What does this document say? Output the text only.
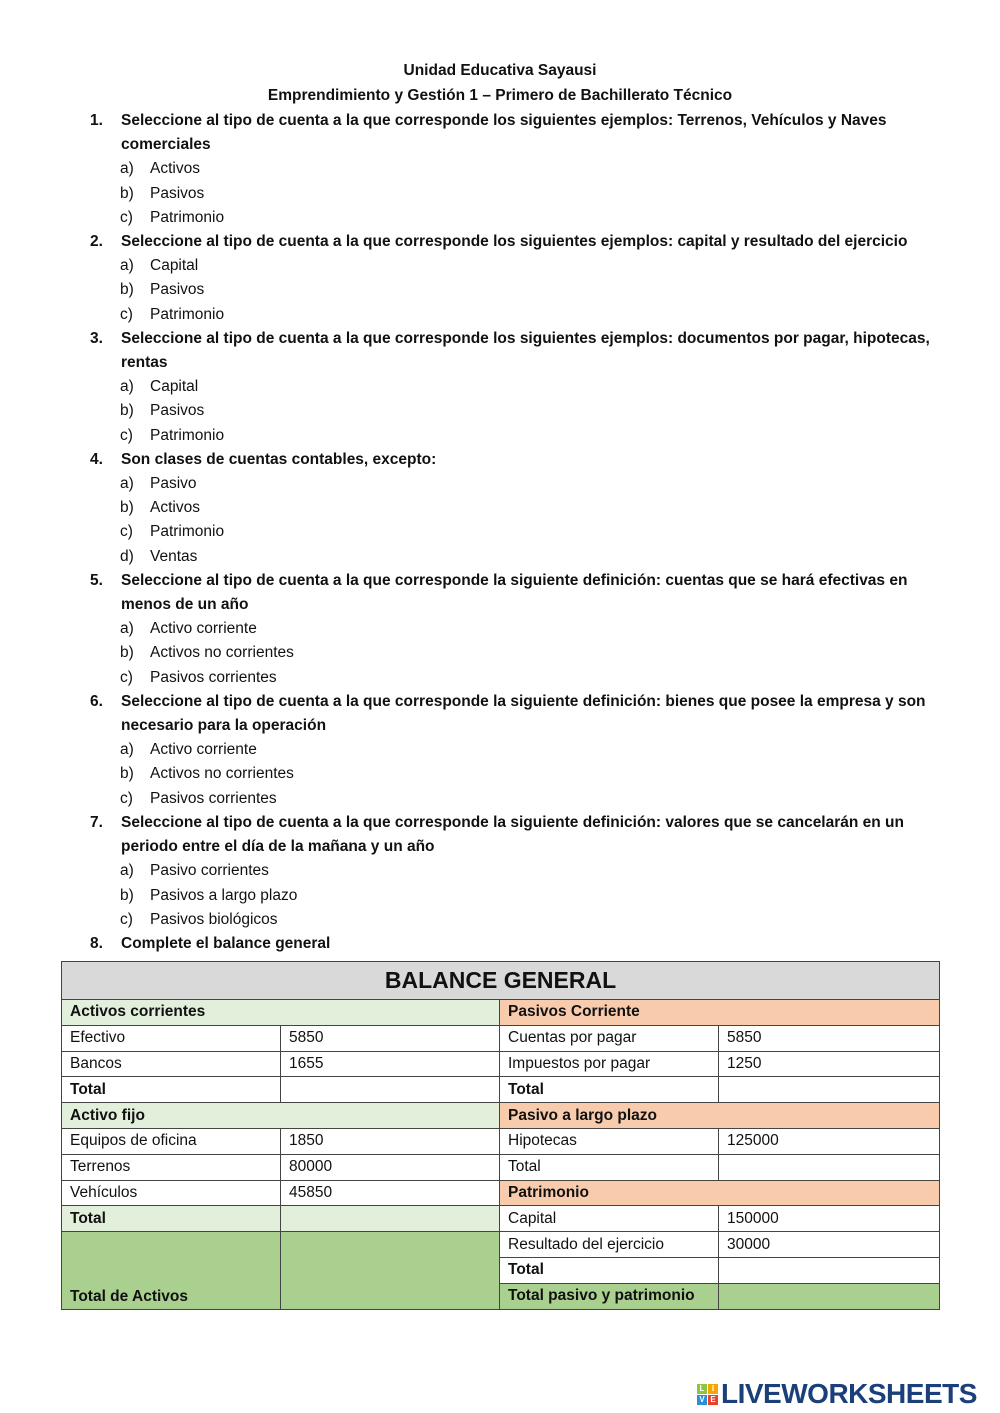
Unidad Educativa Sayausi
Emprendimiento y Gestión 1 – Primero de Bachillerato Técnico
1. Seleccione al tipo de cuenta a la que corresponde los siguientes ejemplos: Terrenos, Vehículos y Naves comerciales
a) Activos
b) Pasivos
c) Patrimonio
2. Seleccione al tipo de cuenta a la que corresponde los siguientes ejemplos: capital y resultado del ejercicio
a) Capital
b) Pasivos
c) Patrimonio
3. Seleccione al tipo de cuenta a la que corresponde los siguientes ejemplos: documentos por pagar, hipotecas, rentas
a) Capital
b) Pasivos
c) Patrimonio
4. Son clases de cuentas contables, excepto:
a) Pasivo
b) Activos
c) Patrimonio
d) Ventas
5. Seleccione al tipo de cuenta a la que corresponde la siguiente definición: cuentas que se hará efectivas en menos de un año
a) Activo corriente
b) Activos no corrientes
c) Pasivos corrientes
6. Seleccione al tipo de cuenta a la que corresponde la siguiente definición: bienes que posee la empresa y son necesario para la operación
a) Activo corriente
b) Activos no corrientes
c) Pasivos corrientes
7. Seleccione al tipo de cuenta a la que corresponde la siguiente definición: valores que se cancelarán en un periodo entre el día de la mañana y un año
a) Pasivo corrientes
b) Pasivos a largo plazo
c) Pasivos biológicos
8. Complete el balance general
BALANCE GENERAL			
Activos corrientes		Pasivos Corriente	
Efectivo	5850	Cuentas por pagar	5850
Bancos	1655	Impuestos por pagar	1250
Total		Total	
Activo fijo		Pasivo a largo plazo	
Equipos de oficina	1850	Hipotecas	125000
Terrenos	80000	Total	
Vehículos	45850	Patrimonio	
Total		Capital	150000
Total de Activos		Resultado del ejercicio	30000
		Total	
		Total pasivo y patrimonio	
L I
V E LIVEWORKSHEETS
